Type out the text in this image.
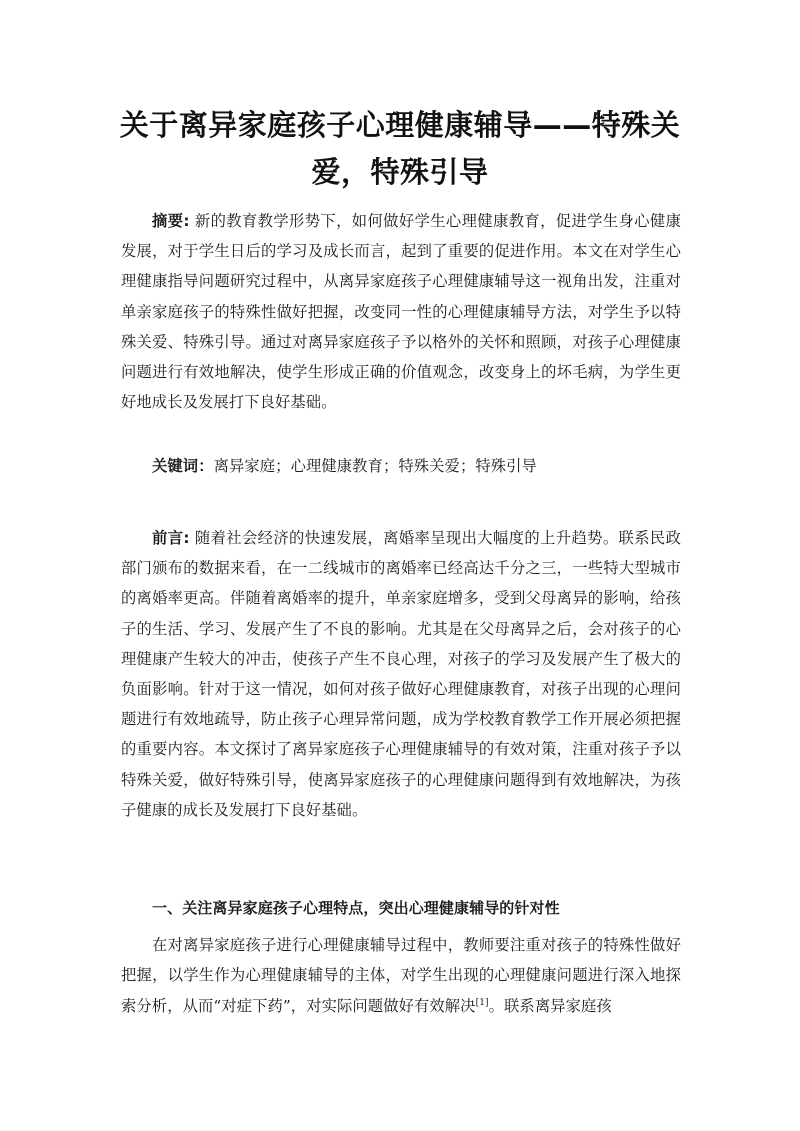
关于离异家庭孩子心理健康辅导——特殊关爱，特殊引导

摘要: 新的教育教学形势下，如何做好学生心理健康教育，促进学生身心健康发展，对于学生日后的学习及成长而言，起到了重要的促进作用。本文在对学生心理健康指导问题研究过程中，从离异家庭孩子心理健康辅导这一视角出发，注重对单亲家庭孩子的特殊性做好把握，改变同一性的心理健康辅导方法，对学生予以特殊关爱、特殊引导。通过对离异家庭孩子予以格外的关怀和照顾，对孩子心理健康问题进行有效地解决，使学生形成正确的价值观念，改变身上的坏毛病，为学生更好地成长及发展打下良好基础。

关键词：离异家庭；心理健康教育；特殊关爱；特殊引导

前言: 随着社会经济的快速发展，离婚率呈现出大幅度的上升趋势。联系民政部门颁布的数据来看，在一二线城市的离婚率已经高达千分之三，一些特大型城市的离婚率更高。伴随着离婚率的提升，单亲家庭增多，受到父母离异的影响，给孩子的生活、学习、发展产生了不良的影响。尤其是在父母离异之后，会对孩子的心理健康产生较大的冲击，使孩子产生不良心理，对孩子的学习及发展产生了极大的负面影响。针对于这一情况，如何对孩子做好心理健康教育，对孩子出现的心理问题进行有效地疏导，防止孩子心理异常问题，成为学校教育教学工作开展必须把握的重要内容。本文探讨了离异家庭孩子心理健康辅导的有效对策，注重对孩子予以特殊关爱，做好特殊引导，使离异家庭孩子的心理健康问题得到有效地解决，为孩子健康的成长及发展打下良好基础。

一、关注离异家庭孩子心理特点，突出心理健康辅导的针对性

在对离异家庭孩子进行心理健康辅导过程中，教师要注重对孩子的特殊性做好把握，以学生作为心理健康辅导的主体，对学生出现的心理健康问题进行深入地探索分析，从而“对症下药”，对实际问题做好有效解决[1]。联系离异家庭孩
